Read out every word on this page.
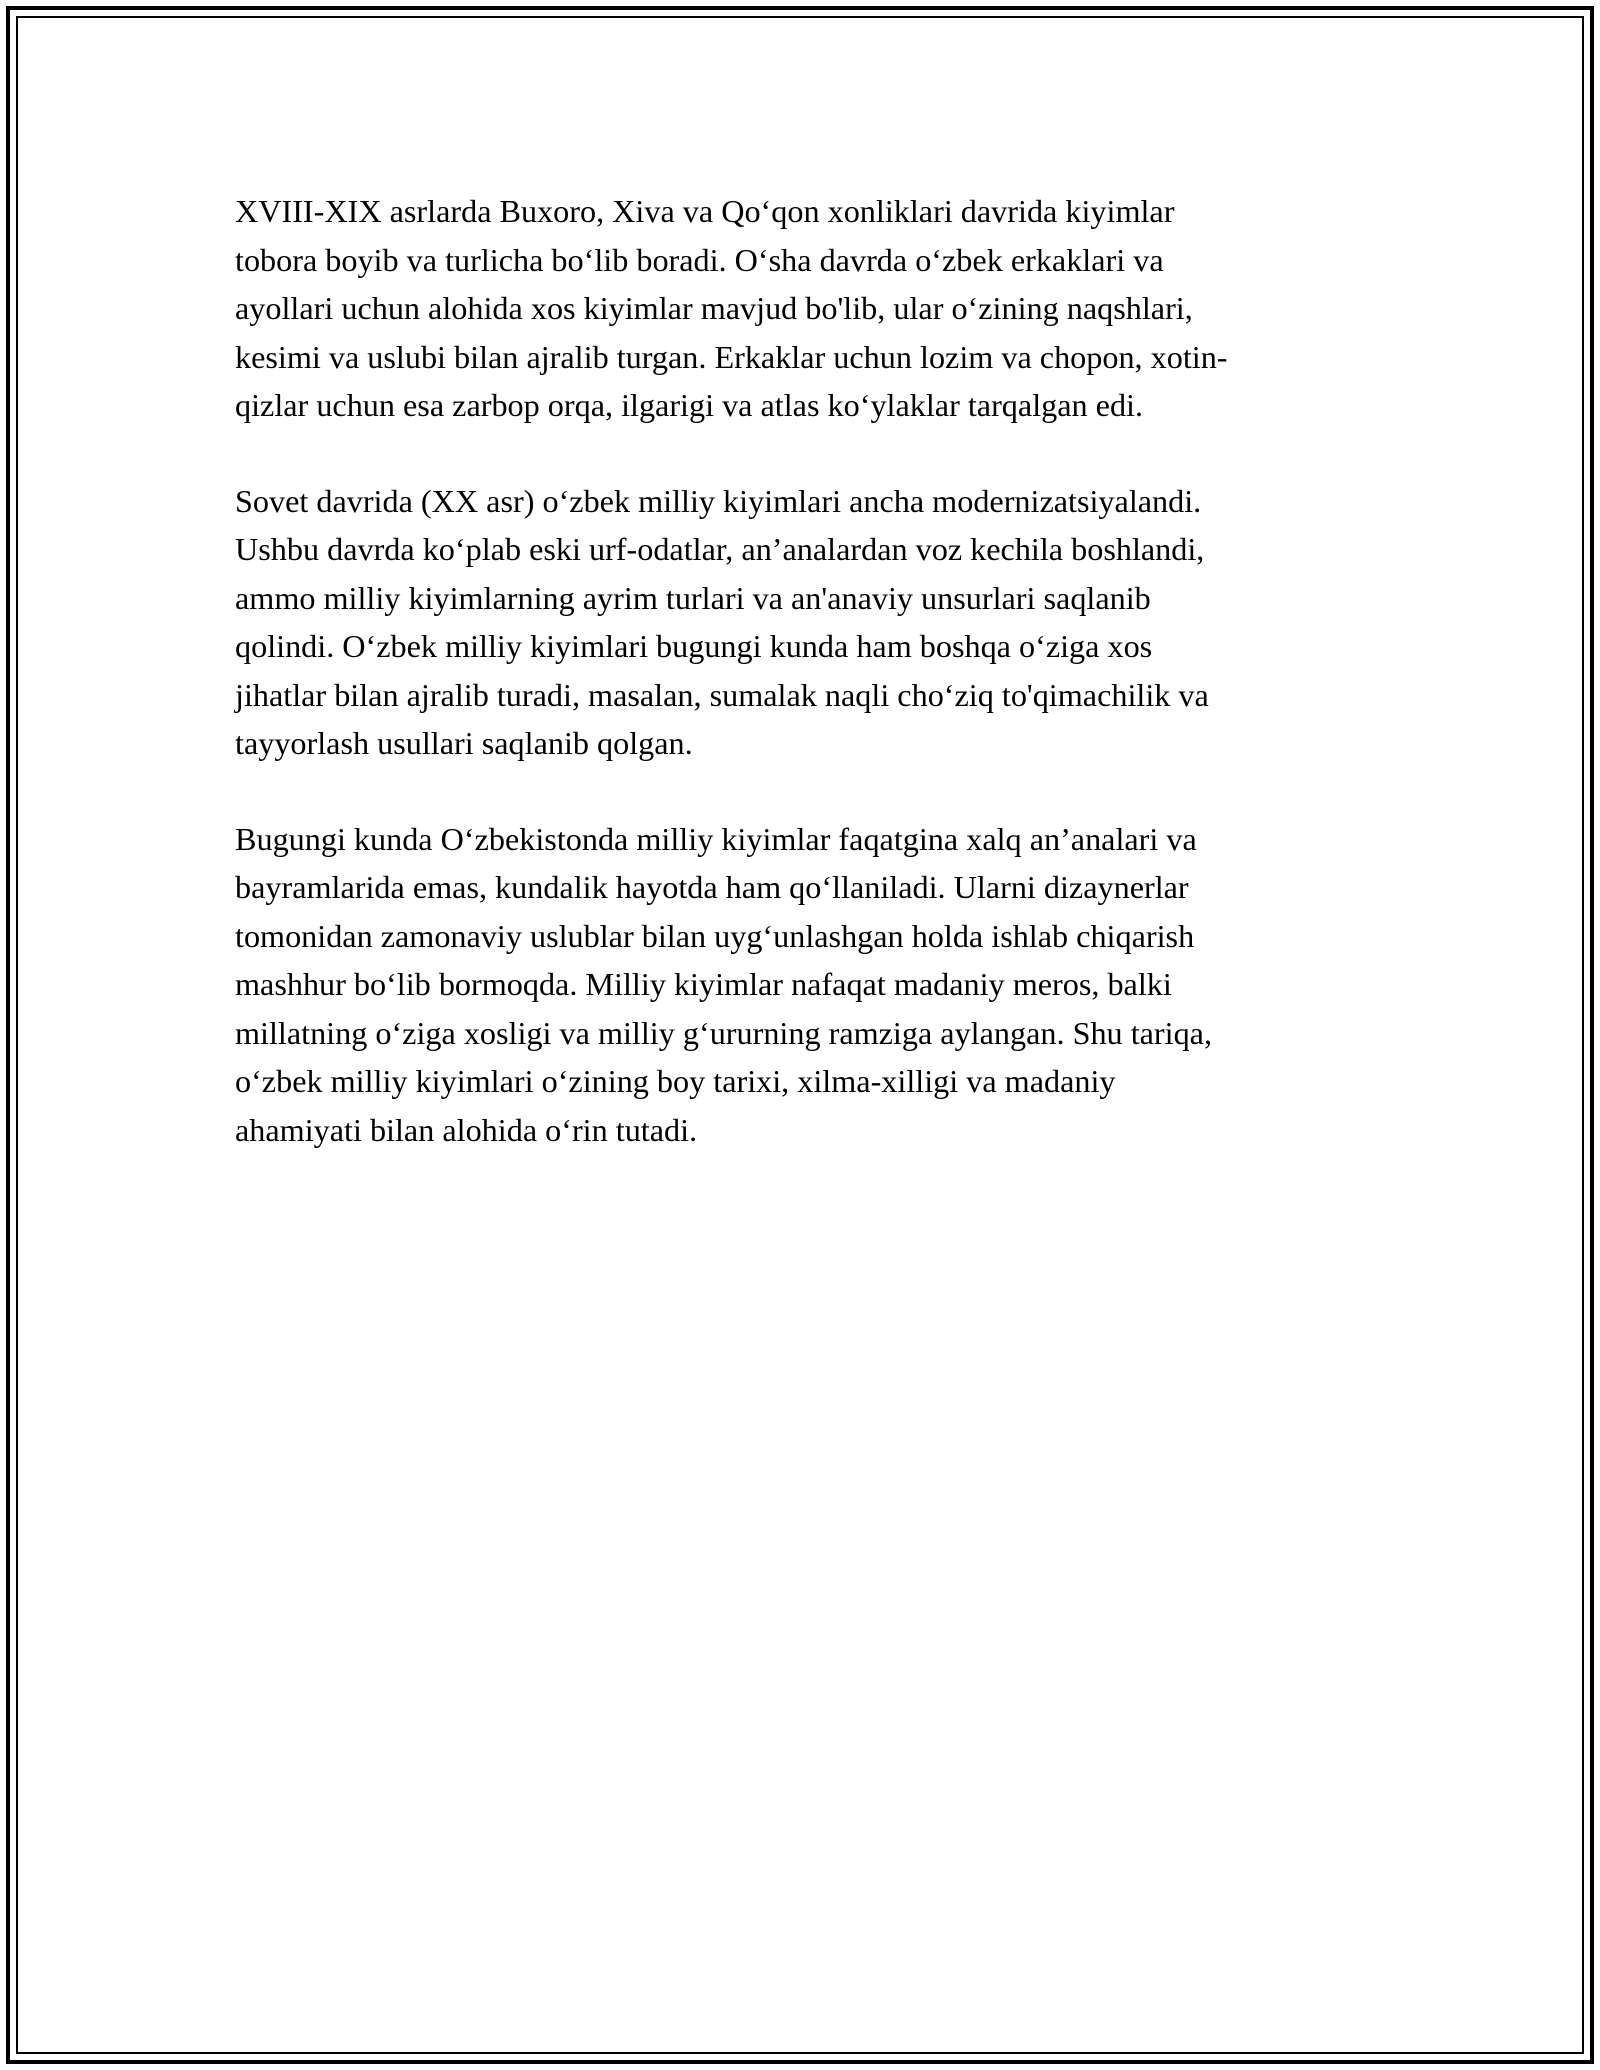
XVIII-XIX asrlarda Buxoro, Xiva va Qo‘qon xonliklari davrida kiyimlar
tobora boyib va turlicha bo‘lib boradi. O‘sha davrda o‘zbek erkaklari va
ayollari uchun alohida xos kiyimlar mavjud bo'lib, ular o‘zining naqshlari,
kesimi va uslubi bilan ajralib turgan. Erkaklar uchun lozim va chopon, xotin-
qizlar uchun esa zarbop orqa, ilgarigi va atlas ko‘ylaklar tarqalgan edi.

Sovet davrida (XX asr) o‘zbek milliy kiyimlari ancha modernizatsiyalandi.
Ushbu davrda ko‘plab eski urf-odatlar, an’analardan voz kechila boshlandi,
ammo milliy kiyimlarning ayrim turlari va an'anaviy unsurlari saqlanib
qolindi. O‘zbek milliy kiyimlari bugungi kunda ham boshqa o‘ziga xos
jihatlar bilan ajralib turadi, masalan, sumalak naqli cho‘ziq to'qimachilik va
tayyorlash usullari saqlanib qolgan.

Bugungi kunda O‘zbekistonda milliy kiyimlar faqatgina xalq an’analari va
bayramlarida emas, kundalik hayotda ham qo‘llaniladi. Ularni dizaynerlar
tomonidan zamonaviy uslublar bilan uyg‘unlashgan holda ishlab chiqarish
mashhur bo‘lib bormoqda. Milliy kiyimlar nafaqat madaniy meros, balki
millatning o‘ziga xosligi va milliy g‘ururning ramziga aylangan. Shu tariqa,
o‘zbek milliy kiyimlari o‘zining boy tarixi, xilma-xilligi va madaniy
ahamiyati bilan alohida o‘rin tutadi.
